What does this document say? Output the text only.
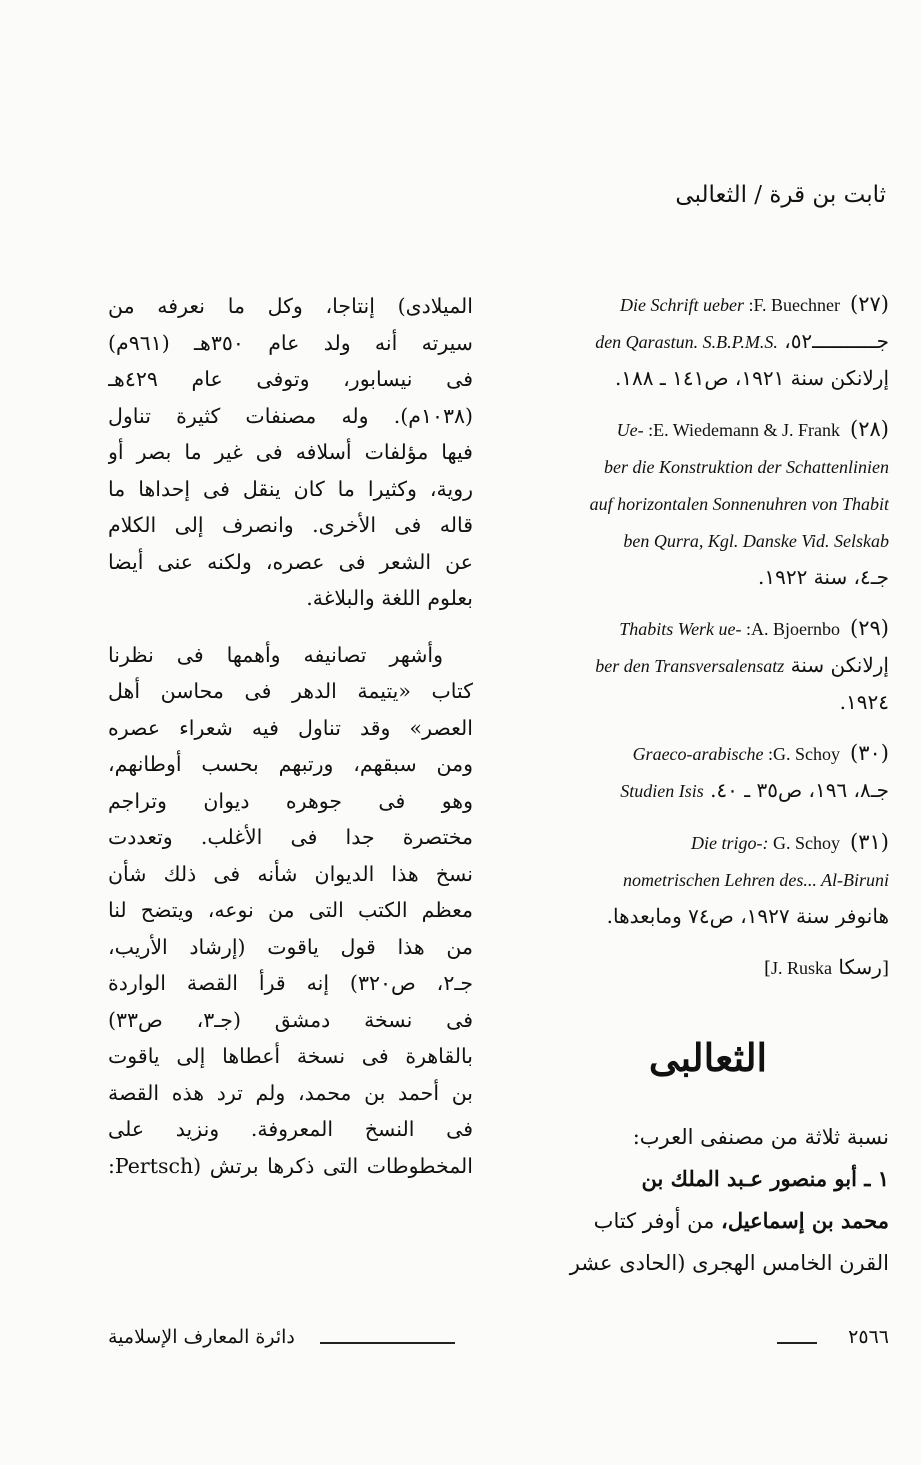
ثابت بن قرة / الثعالبى
(٢٧)Die Schrift ueber :F. Buechner
جـــــــــــ٥٢، den Qarastun. S.B.P.M.S.
إرلانكن سنة ١٩٢١، ص١٤١ ـ ١٨٨.
(٢٨)Ue- :E. Wiedemann & J. Frank
ber die Konstruktion der Schattenlinien
auf horizontalen Sonnenuhren von Thabit
ben Qurra, Kgl. Danske Vid. Selskab
جـ٤، سنة ١٩٢٢.
(٢٩)Thabits Werk ue- :A. Bjoernbo
إرلانكن سنة ber den Transversalensatz
١٩٢٤.
(٣٠)Graeco-arabische :G. Schoy
جـ٨، ١٩٦، ص٣٥ ـ ٤٠. Studien Isis
(٣١)Die trigo-: G. Schoy
nometrischen Lehren des... Al-Biruni
هانوفر سنة ١٩٢٧، ص٧٤ ومابعدها.
[رسكا J. Ruska]
الثعالبى
نسبة ثلاثة من مصنفى العرب:
١ ـ أبو منصور عـبد الملك بن
محمد بن إسماعيل، من أوفر كتاب
القرن الخامس الهجرى (الحادى عشر
الميلادى) إنتاجا، وكل ما نعرفه من
سيرته أنه ولد عام ٣٥٠هـ (٩٦١م)
فى نيسابور، وتوفى عام ٤٢٩هـ
(١٠٣٨م). وله مصنفات كثيرة تناول
فيها مؤلفات أسلافه فى غير ما بصر أو
روية، وكثيرا ما كان ينقل فى إحداها ما
قاله فى الأخرى. وانصرف إلى الكلام
عن الشعر فى عصره، ولكنه عنى أيضا
بعلوم اللغة والبلاغة.
وأشهر تصانيفه وأهمها فى نظرنا
كتاب «يتيمة الدهر فى محاسن أهل
العصر» وقد تناول فيه شعراء عصره
ومن سبقهم، ورتبهم بحسب أوطانهم،
وهو فى جوهره ديوان وتراجم
مختصرة جدا فى الأغلب. وتعددت
نسخ هذا الديوان شأنه فى ذلك شأن
معظم الكتب التى من نوعه، ويتضح لنا
من هذا قول ياقوت (إرشاد الأريب،
جـ٢، ص٣٢٠) إنه قرأ القصة الواردة
فى نسخة دمشق (جـ٣، ص٣٣)
بالقاهرة فى نسخة أعطاها إلى ياقوت
بن أحمد بن محمد، ولم ترد هذه القصة
فى النسخ المعروفة. ونزيد على
المخطوطات التى ذكرها برتش (Pertsch:
٢٥٦٦
دائرة المعارف الإسلامية
